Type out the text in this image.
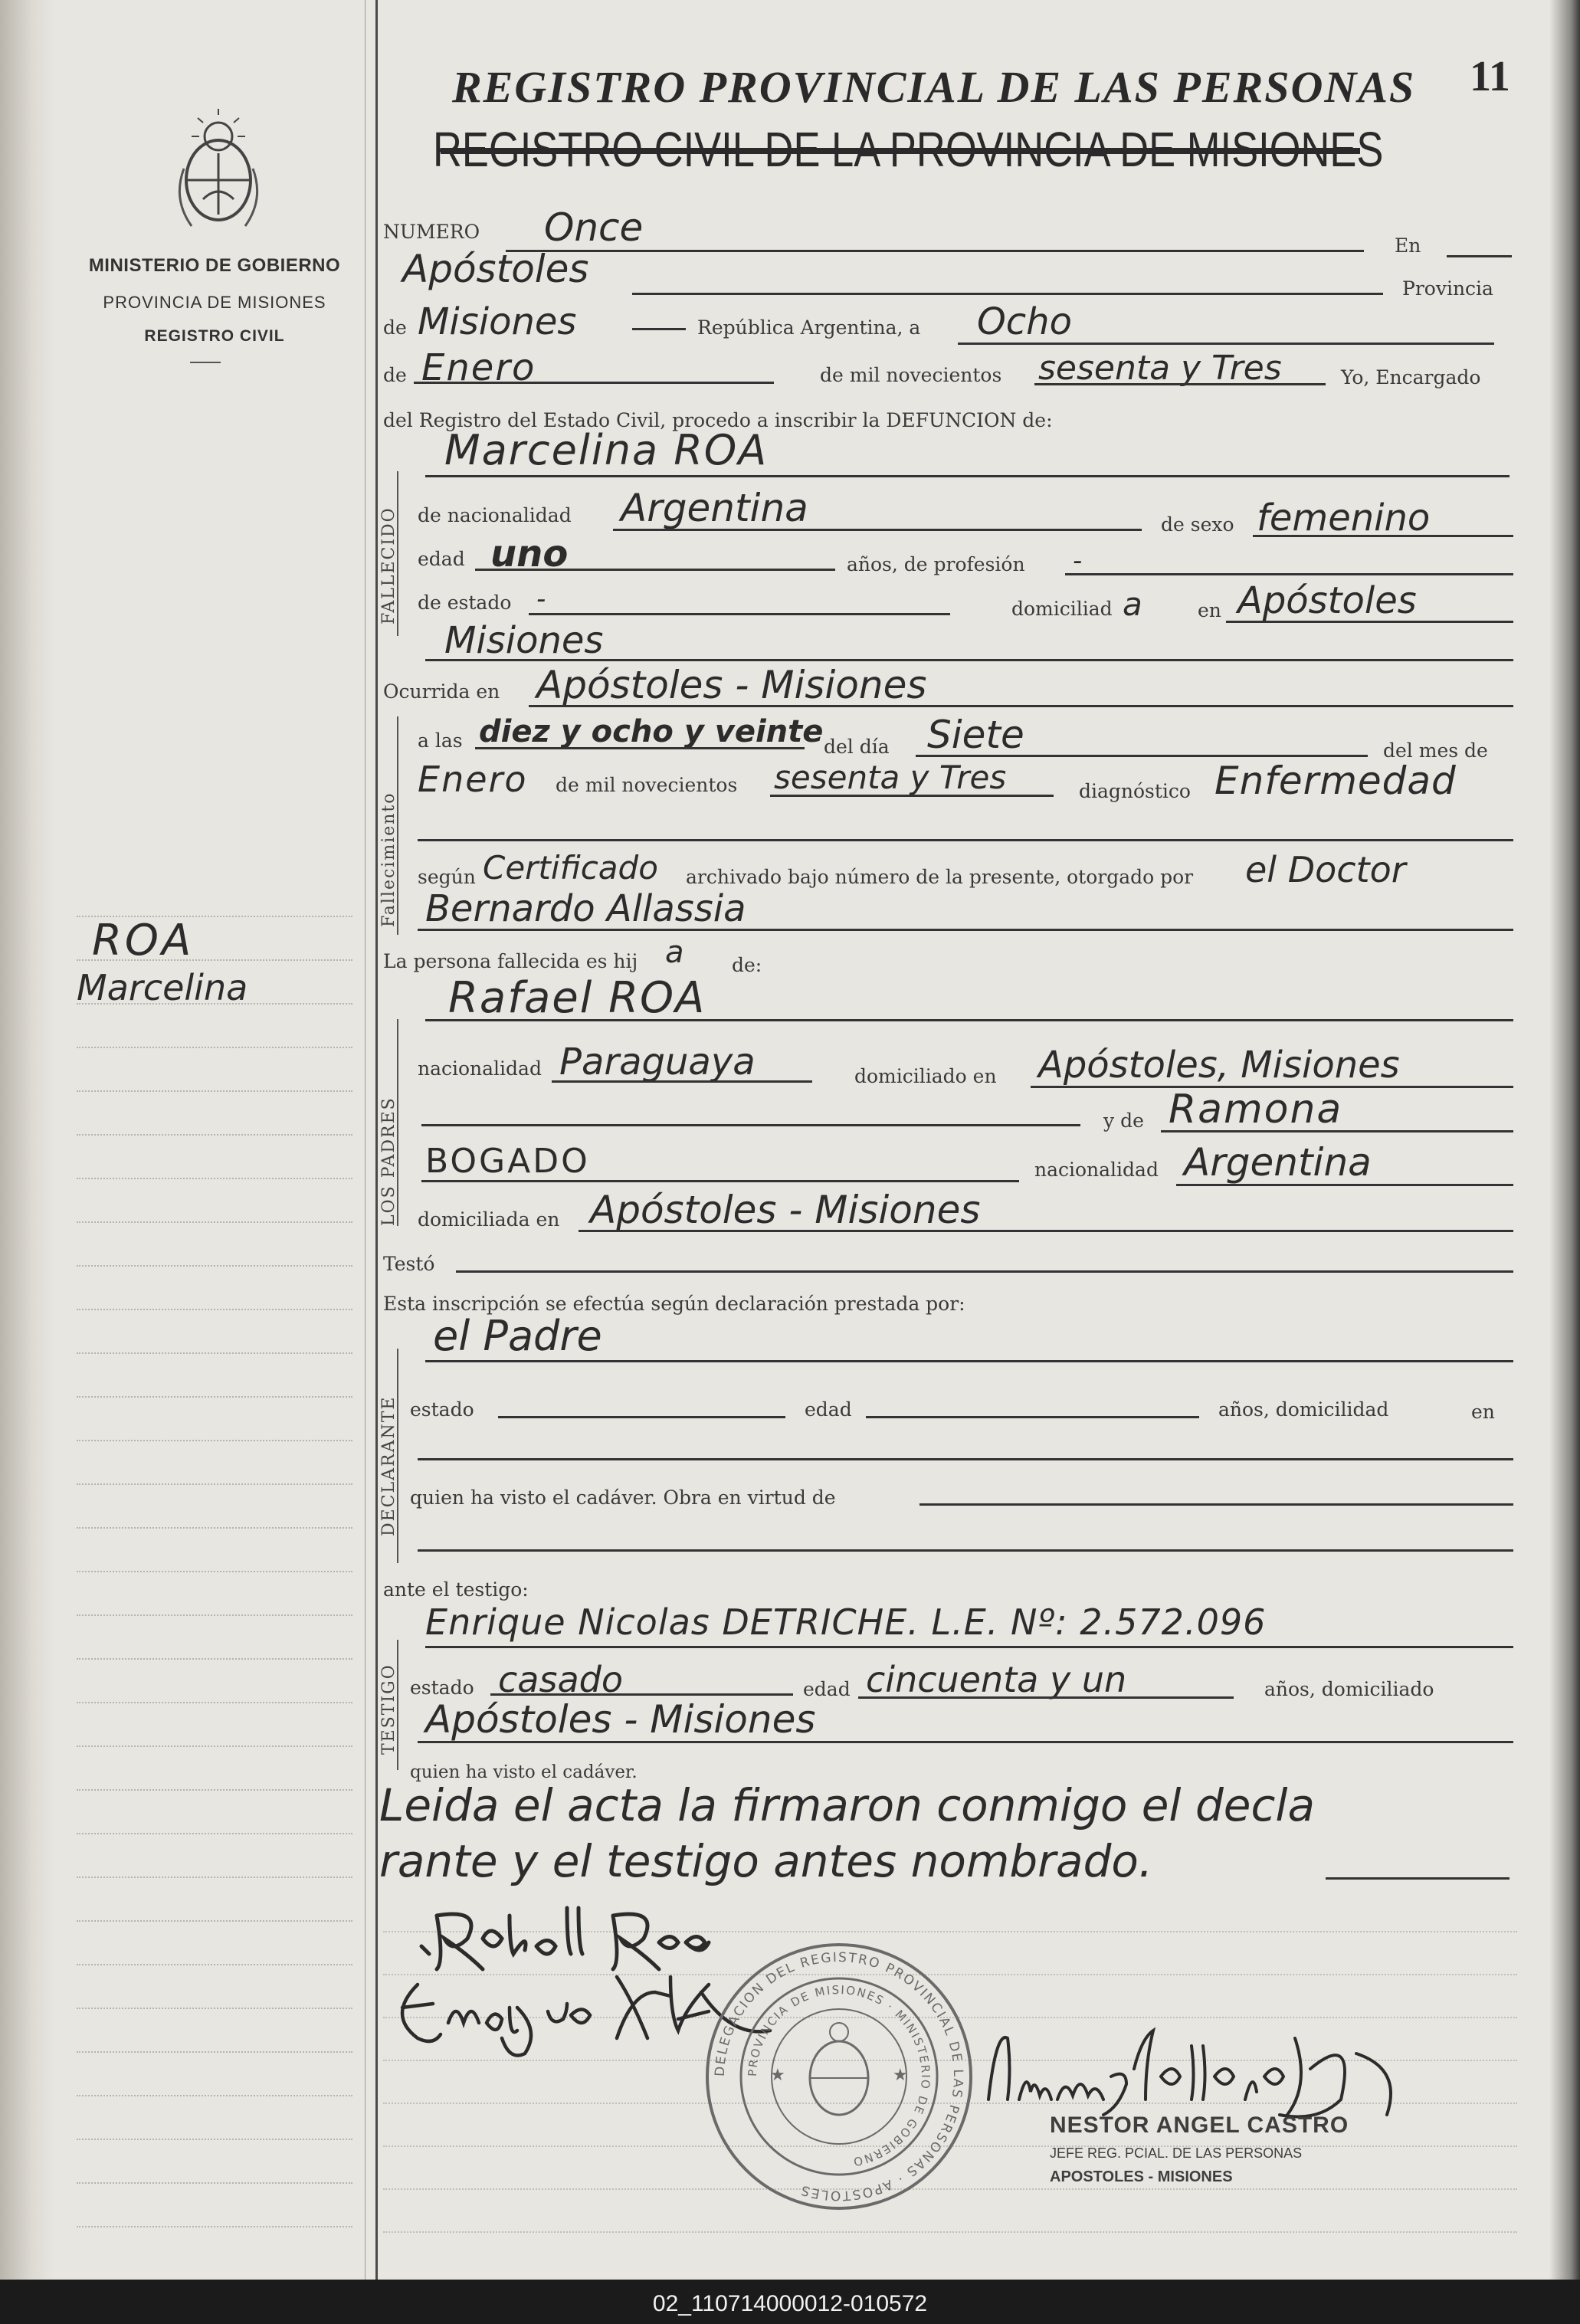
MINISTERIO DE GOBIERNO
PROVINCIA DE MISIONES
REGISTRO CIVIL
ROA
Marcelina
REGISTRO PROVINCIAL DE LAS PERSONAS
REGISTRO CIVIL DE LA PROVINCIA DE MISIONES
11
FALLECIDO
Fallecimiento
LOS PADRES
DECLARANTE
TESTIGO
NUMERO Once	En
Apóstoles	Provincia
de Misiones	República Argentina, a Ocho
de Enero	de mil novecientos sesenta y Tres	Yo, Encargado
del Registro del Estado Civil, procedo a inscribir la DEFUNCION de:
Marcelina ROA
de nacionalidad Argentina	de sexo femenino
edad uno	años, de profesión -
de estado -	domiciliad a	en Apóstoles
Misiones
Ocurrida en Apóstoles - Misiones
a las diez y ocho y veinte del día Siete	del mes de
Enero de mil novecientos sesenta y Tres	diagnóstico Enfermedad
según Certificado archivado bajo número de la presente, otorgado por el Doctor
Bernardo Allassia
La persona fallecida es hij a de:
Rafael ROA
nacionalidad Paraguaya	domiciliado en Apóstoles, Misiones
y de Ramona
BOGADO	nacionalidad Argentina
domiciliada en Apóstoles - Misiones
Testó
Esta inscripción se efectúa según declaración prestada por:
el Padre
estado	edad	años, domicilidad	en
quien ha visto el cadáver. Obra en virtud de
ante el testigo:
Enrique Nicolas DETRICHE. L.E. Nº: 2.572.096
estado casado	edad cincuenta y un	años, domiciliado
Apóstoles - Misiones
quien ha visto el cadáver.
Leida el acta la firmaron conmigo el decla
rante y el testigo antes nombrado.
NESTOR ANGEL CASTRO
JEFE REG. PCIAL. DE LAS PERSONAS
APOSTOLES - MISIONES
DELEGACION DEL REGISTRO PROVINCIAL DE LAS PERSONAS · APOSTOLES
PROVINCIA DE MISIONES · MINISTERIO DE GOBIERNO
★	★
02_110714000012-010572
